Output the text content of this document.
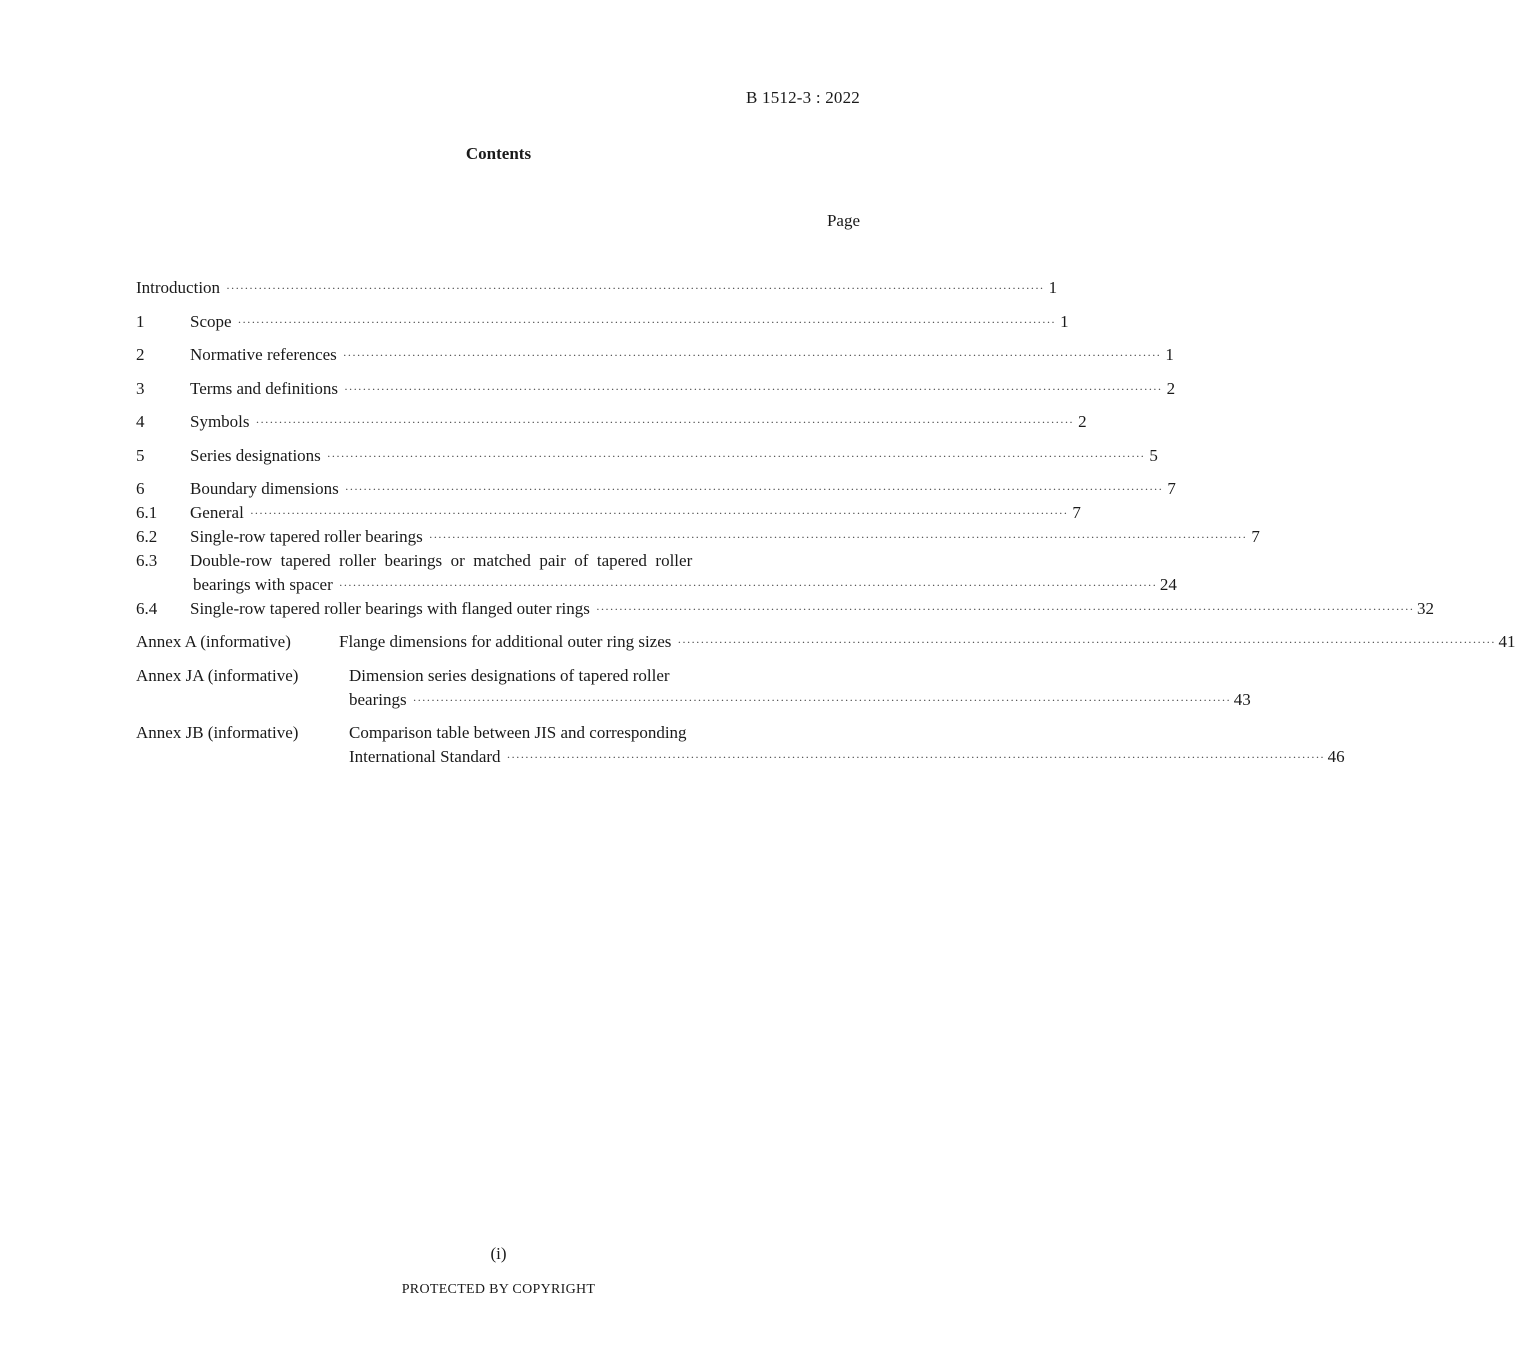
B 1512-3 : 2022
Contents
Page
Introduction ·················································································································································································· 1
1	Scope ·················································································································································································· 1
2	Normative references ·················································································································································································· 1
3	Terms and definitions ·················································································································································································· 2
4	Symbols ·················································································································································································· 2
5	Series designations ·················································································································································································· 5
6	Boundary dimensions ·················································································································································································· 7
6.1 General ·················································································································································································· 7
6.2 Single-row tapered roller bearings ·················································································································································································· 7
6.3 Double-row  tapered  roller  bearings  or  matched  pair  of  tapered  roller
bearings with spacer ·················································································································································································· 24
6.4 Single-row tapered roller bearings with flanged outer rings ·················································································································································································· 32
Annex A (informative)	Flange dimensions for additional outer ring sizes ·················································································································································································· 41
Annex JA (informative)	Dimension series designations of tapered roller
bearings ·················································································································································································· 43
Annex JB (informative)	Comparison table between JIS and corresponding
International Standard ·················································································································································································· 46
(i)
PROTECTED BY COPYRIGHT
